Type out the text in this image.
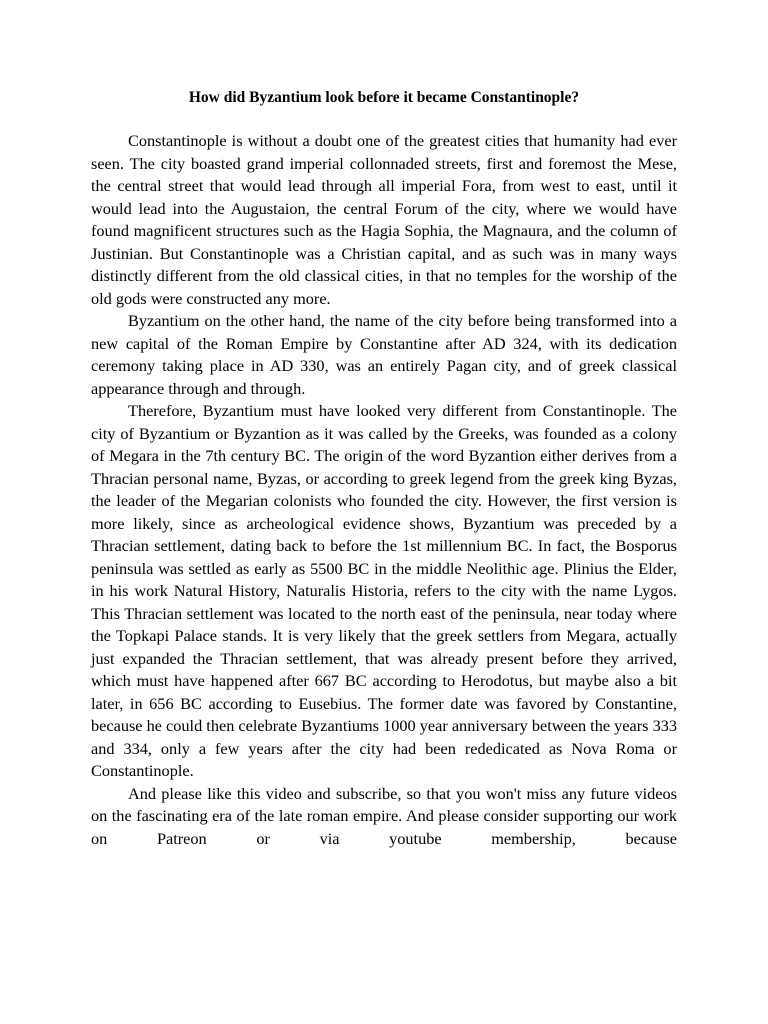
How did Byzantium look before it became Constantinople?

Constantinople is without a doubt one of the greatest cities that humanity had ever seen. The city boasted grand imperial collonnaded streets, first and foremost the Mese, the central street that would lead through all imperial Fora, from west to east, until it would lead into the Augustaion, the central Forum of the city, where we would have found magnificent structures such as the Hagia Sophia, the Magnaura, and the column of Justinian. But Constantinople was a Christian capital, and as such was in many ways distinctly different from the old classical cities, in that no temples for the worship of the old gods were constructed any more.

Byzantium on the other hand, the name of the city before being transformed into a new capital of the Roman Empire by Constantine after AD 324, with its dedication ceremony taking place in AD 330, was an entirely Pagan city, and of greek classical appearance through and through.

Therefore, Byzantium must have looked very different from Constantinople. The city of Byzantium or Byzantion as it was called by the Greeks, was founded as a colony of Megara in the 7th century BC. The origin of the word Byzantion either derives from a Thracian personal name, Byzas, or according to greek legend from the greek king Byzas, the leader of the Megarian colonists who founded the city. However, the first version is more likely, since as archeological evidence shows, Byzantium was preceded by a Thracian settlement, dating back to before the 1st millennium BC. In fact, the Bosporus peninsula was settled as early as 5500 BC in the middle Neolithic age. Plinius the Elder, in his work Natural History, Naturalis Historia, refers to the city with the name Lygos. This Thracian settlement was located to the north east of the peninsula, near today where the Topkapi Palace stands. It is very likely that the greek settlers from Megara, actually just expanded the Thracian settlement, that was already present before they arrived, which must have happened after 667 BC according to Herodotus, but maybe also a bit later, in 656 BC according to Eusebius. The former date was favored by Constantine, because he could then celebrate Byzantiums 1000 year anniversary between the years 333 and 334, only a few years after the city had been rededicated as Nova Roma or Constantinople.

And please like this video and subscribe, so that you won't miss any future videos on the fascinating era of the late roman empire. And please consider supporting our work on Patreon or via youtube membership, because
